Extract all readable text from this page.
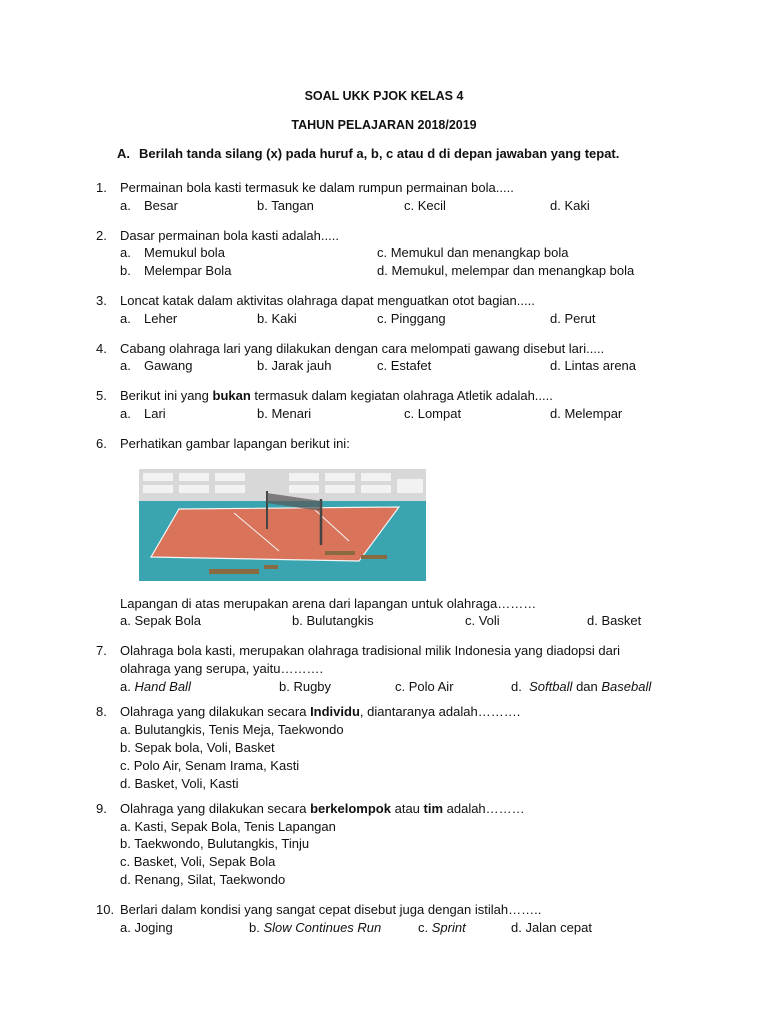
SOAL UKK PJOK KELAS 4
TAHUN PELAJARAN 2018/2019
A. Berilah tanda silang (x) pada huruf a, b, c atau d di depan jawaban yang tepat.
1.	Permainan bola kasti termasuk ke dalam rumpun permainan bola.....
a. Besar	b. Tangan	c. Kecil	d. Kaki
2.	Dasar permainan bola kasti adalah.....
a. Memukul bola	c. Memukul dan menangkap bola
b. Melempar Bola	d. Memukul, melempar dan menangkap bola
3.	Loncat katak dalam aktivitas olahraga dapat menguatkan otot bagian.....
a. Leher	b. Kaki	c. Pinggang	d. Perut
4.	Cabang olahraga lari yang dilakukan dengan cara melompati gawang disebut lari.....
a. Gawang	b. Jarak jauh	c. Estafet	d. Lintas arena
5.	Berikut ini yang bukan termasuk dalam kegiatan olahraga Atletik adalah.....
a. Lari	b. Menari	c. Lompat	d. Melempar
6.	Perhatikan gambar lapangan berikut ini:
Lapangan di atas merupakan arena dari lapangan untuk olahraga………
a. Sepak Bola	b. Bulutangkis	c. Voli	d. Basket
7.	Olahraga bola kasti, merupakan olahraga tradisional milik Indonesia yang diadopsi dari
olahraga yang serupa, yaitu……….
a. Hand Ball	b. Rugby	c. Polo Air	d. Softball dan Baseball
8.	Olahraga yang dilakukan secara Individu, diantaranya adalah……….
a. Bulutangkis, Tenis Meja, Taekwondo
b. Sepak bola, Voli, Basket
c. Polo Air, Senam Irama, Kasti
d. Basket, Voli, Kasti
9.	Olahraga yang dilakukan secara berkelompok atau tim adalah………
a. Kasti, Sepak Bola, Tenis Lapangan
b. Taekwondo, Bulutangkis, Tinju
c. Basket, Voli, Sepak Bola
d. Renang, Silat, Taekwondo
10. Berlari dalam kondisi yang sangat cepat disebut juga dengan istilah……..
a. Joging	b. Slow Continues Run	c. Sprint	d. Jalan cepat
